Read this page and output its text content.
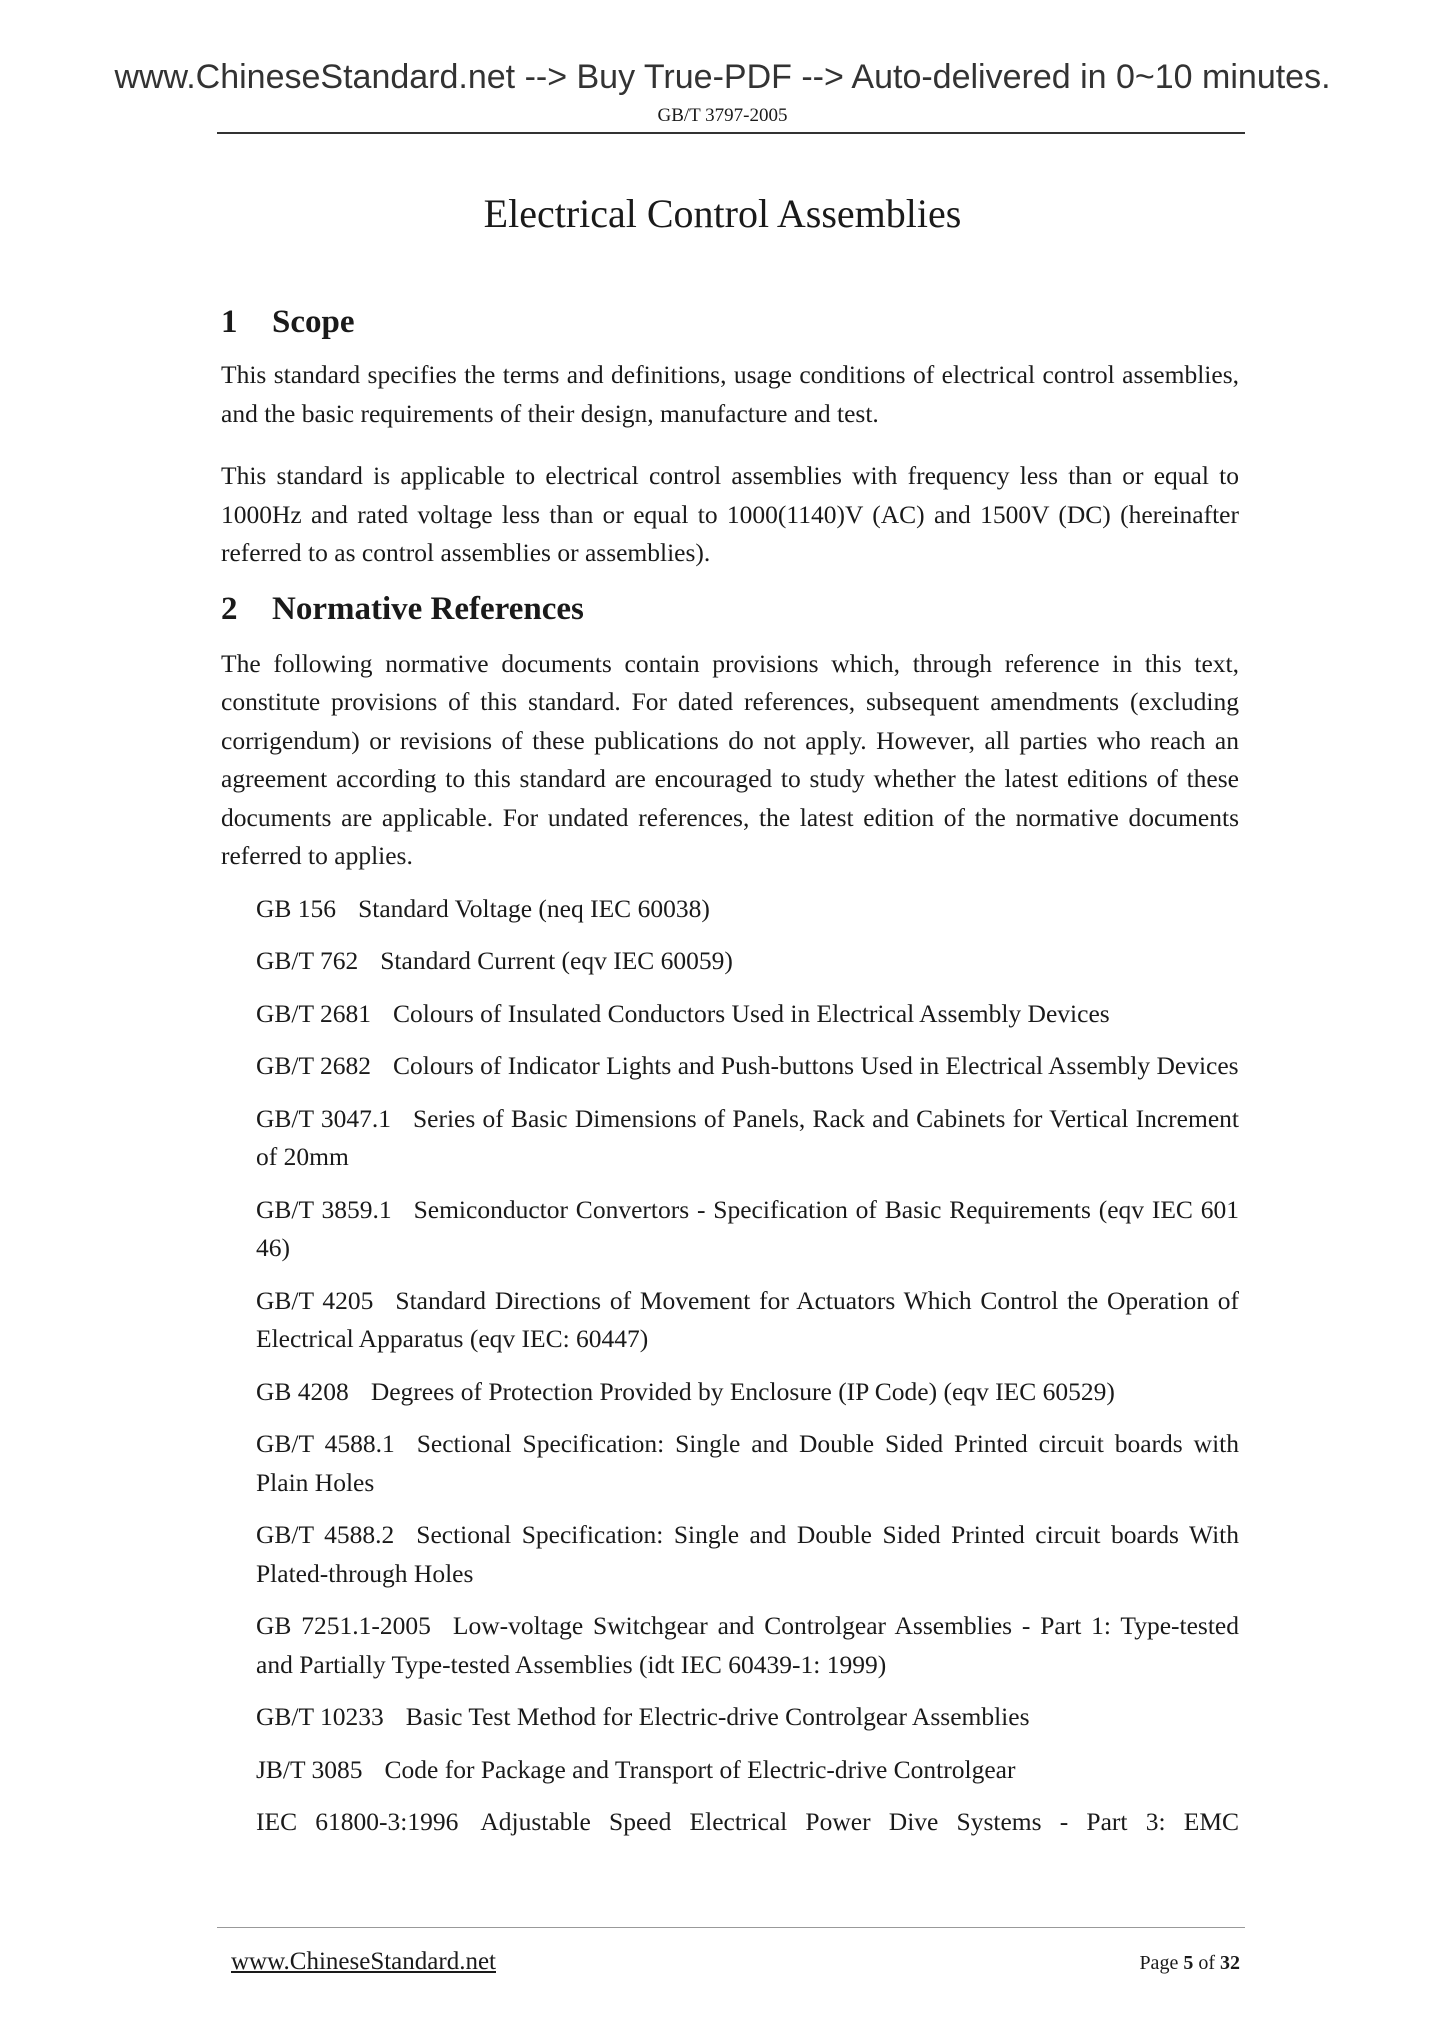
www.ChineseStandard.net --> Buy True-PDF --> Auto-delivered in 0~10 minutes.
GB/T 3797-2005
Electrical Control Assemblies
1 Scope

This standard specifies the terms and definitions, usage conditions of electrical control assemblies, and the basic requirements of their design, manufacture and test.

This standard is applicable to electrical control assemblies with frequency less than or equal to 1000Hz and rated voltage less than or equal to 1000(1140)V (AC) and 1500V (DC) (hereinafter referred to as control assemblies or assemblies).

2 Normative References

The following normative documents contain provisions which, through reference in this text, constitute provisions of this standard. For dated references, subsequent amendments (excluding corrigendum) or revisions of these publications do not apply. However, all parties who reach an agreement according to this standard are encouraged to study whether the latest editions of these documents are applicable. For undated references, the latest edition of the normative documents referred to applies.

GB 156 Standard Voltage (neq IEC 60038)

GB/T 762 Standard Current (eqv IEC 60059)

GB/T 2681 Colours of Insulated Conductors Used in Electrical Assembly Devices

GB/T 2682 Colours of Indicator Lights and Push-buttons Used in Electrical Assembly Devices

GB/T 3047.1 Series of Basic Dimensions of Panels, Rack and Cabinets for Vertical Increment of 20mm

GB/T 3859.1 Semiconductor Convertors - Specification of Basic Requirements (eqv IEC 601 46)

GB/T 4205 Standard Directions of Movement for Actuators Which Control the Operation of Electrical Apparatus (eqv IEC: 60447)

GB 4208 Degrees of Protection Provided by Enclosure (IP Code) (eqv IEC 60529)

GB/T 4588.1 Sectional Specification: Single and Double Sided Printed circuit boards with Plain Holes

GB/T 4588.2 Sectional Specification: Single and Double Sided Printed circuit boards With Plated-through Holes

GB 7251.1-2005 Low-voltage Switchgear and Controlgear Assemblies - Part 1: Type-tested and Partially Type-tested Assemblies (idt IEC 60439-1: 1999)

GB/T 10233 Basic Test Method for Electric-drive Controlgear Assemblies

JB/T 3085 Code for Package and Transport of Electric-drive Controlgear

IEC 61800-3:1996 Adjustable Speed Electrical Power Dive Systems - Part 3: EMC

www.ChineseStandard.net	Page 5 of 32
